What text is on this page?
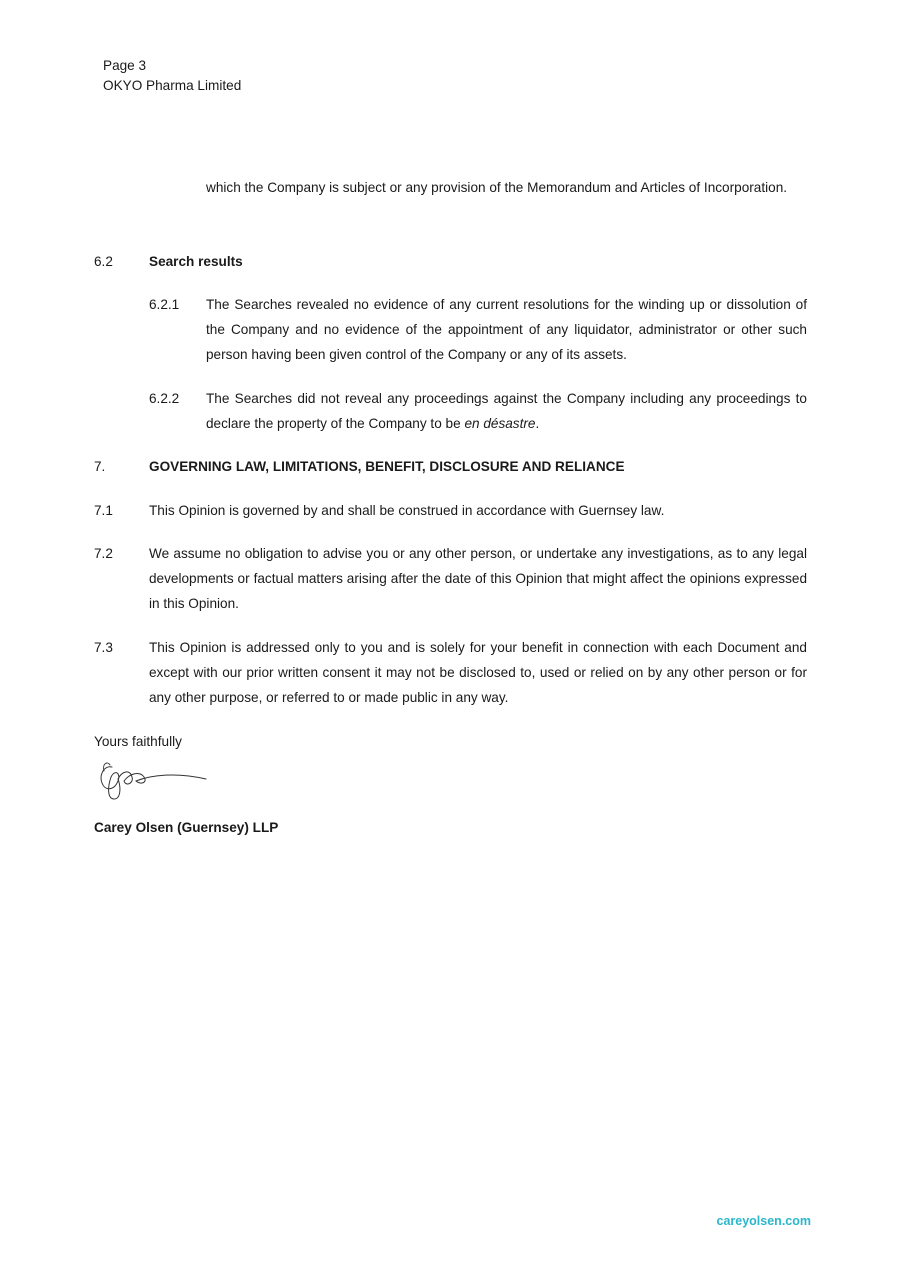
Page 3
OKYO Pharma Limited
which the Company is subject or any provision of the Memorandum and Articles of Incorporation.
6.2	Search results
6.2.1 The Searches revealed no evidence of any current resolutions for the winding up or dissolution of the Company and no evidence of the appointment of any liquidator, administrator or other such person having been given control of the Company or any of its assets.
6.2.2 The Searches did not reveal any proceedings against the Company including any proceedings to declare the property of the Company to be en désastre.
7.	GOVERNING LAW, LIMITATIONS, BENEFIT, DISCLOSURE AND RELIANCE
7.1	This Opinion is governed by and shall be construed in accordance with Guernsey law.
7.2	We assume no obligation to advise you or any other person, or undertake any investigations, as to any legal developments or factual matters arising after the date of this Opinion that might affect the opinions expressed in this Opinion.
7.3	This Opinion is addressed only to you and is solely for your benefit in connection with each Document and except with our prior written consent it may not be disclosed to, used or relied on by any other person or for any other purpose, or referred to or made public in any way.
Yours faithfully
Carey Olsen (Guernsey) LLP
careyolsen.com
